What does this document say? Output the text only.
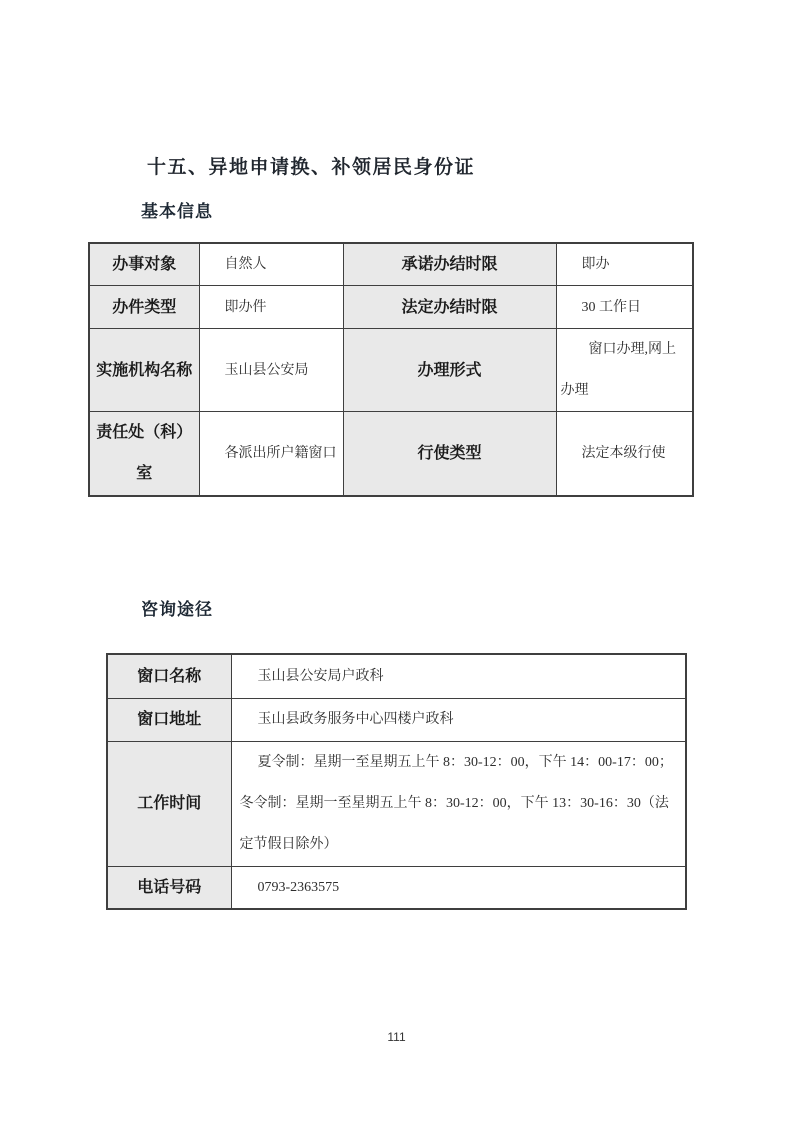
十五、异地申请换、补领居民身份证
基本信息
办事对象	自然人	承诺办结时限	即办
办件类型	即办件	法定办结时限	30 工作日
实施机构名称	玉山县公安局	办理形式	窗口办理,网上办理
责任处（科）室	各派出所户籍窗口	行使类型	法定本级行使
咨询途径
窗口名称	玉山县公安局户政科
窗口地址	玉山县政务服务中心四楼户政科
工作时间	夏令制：星期一至星期五上午 8：30-12：00，下午 14：00-17：00；冬令制：星期一至星期五上午 8：30-12：00，下午 13：30-16：30（法定节假日除外）
电话号码	0793-2363575
111
